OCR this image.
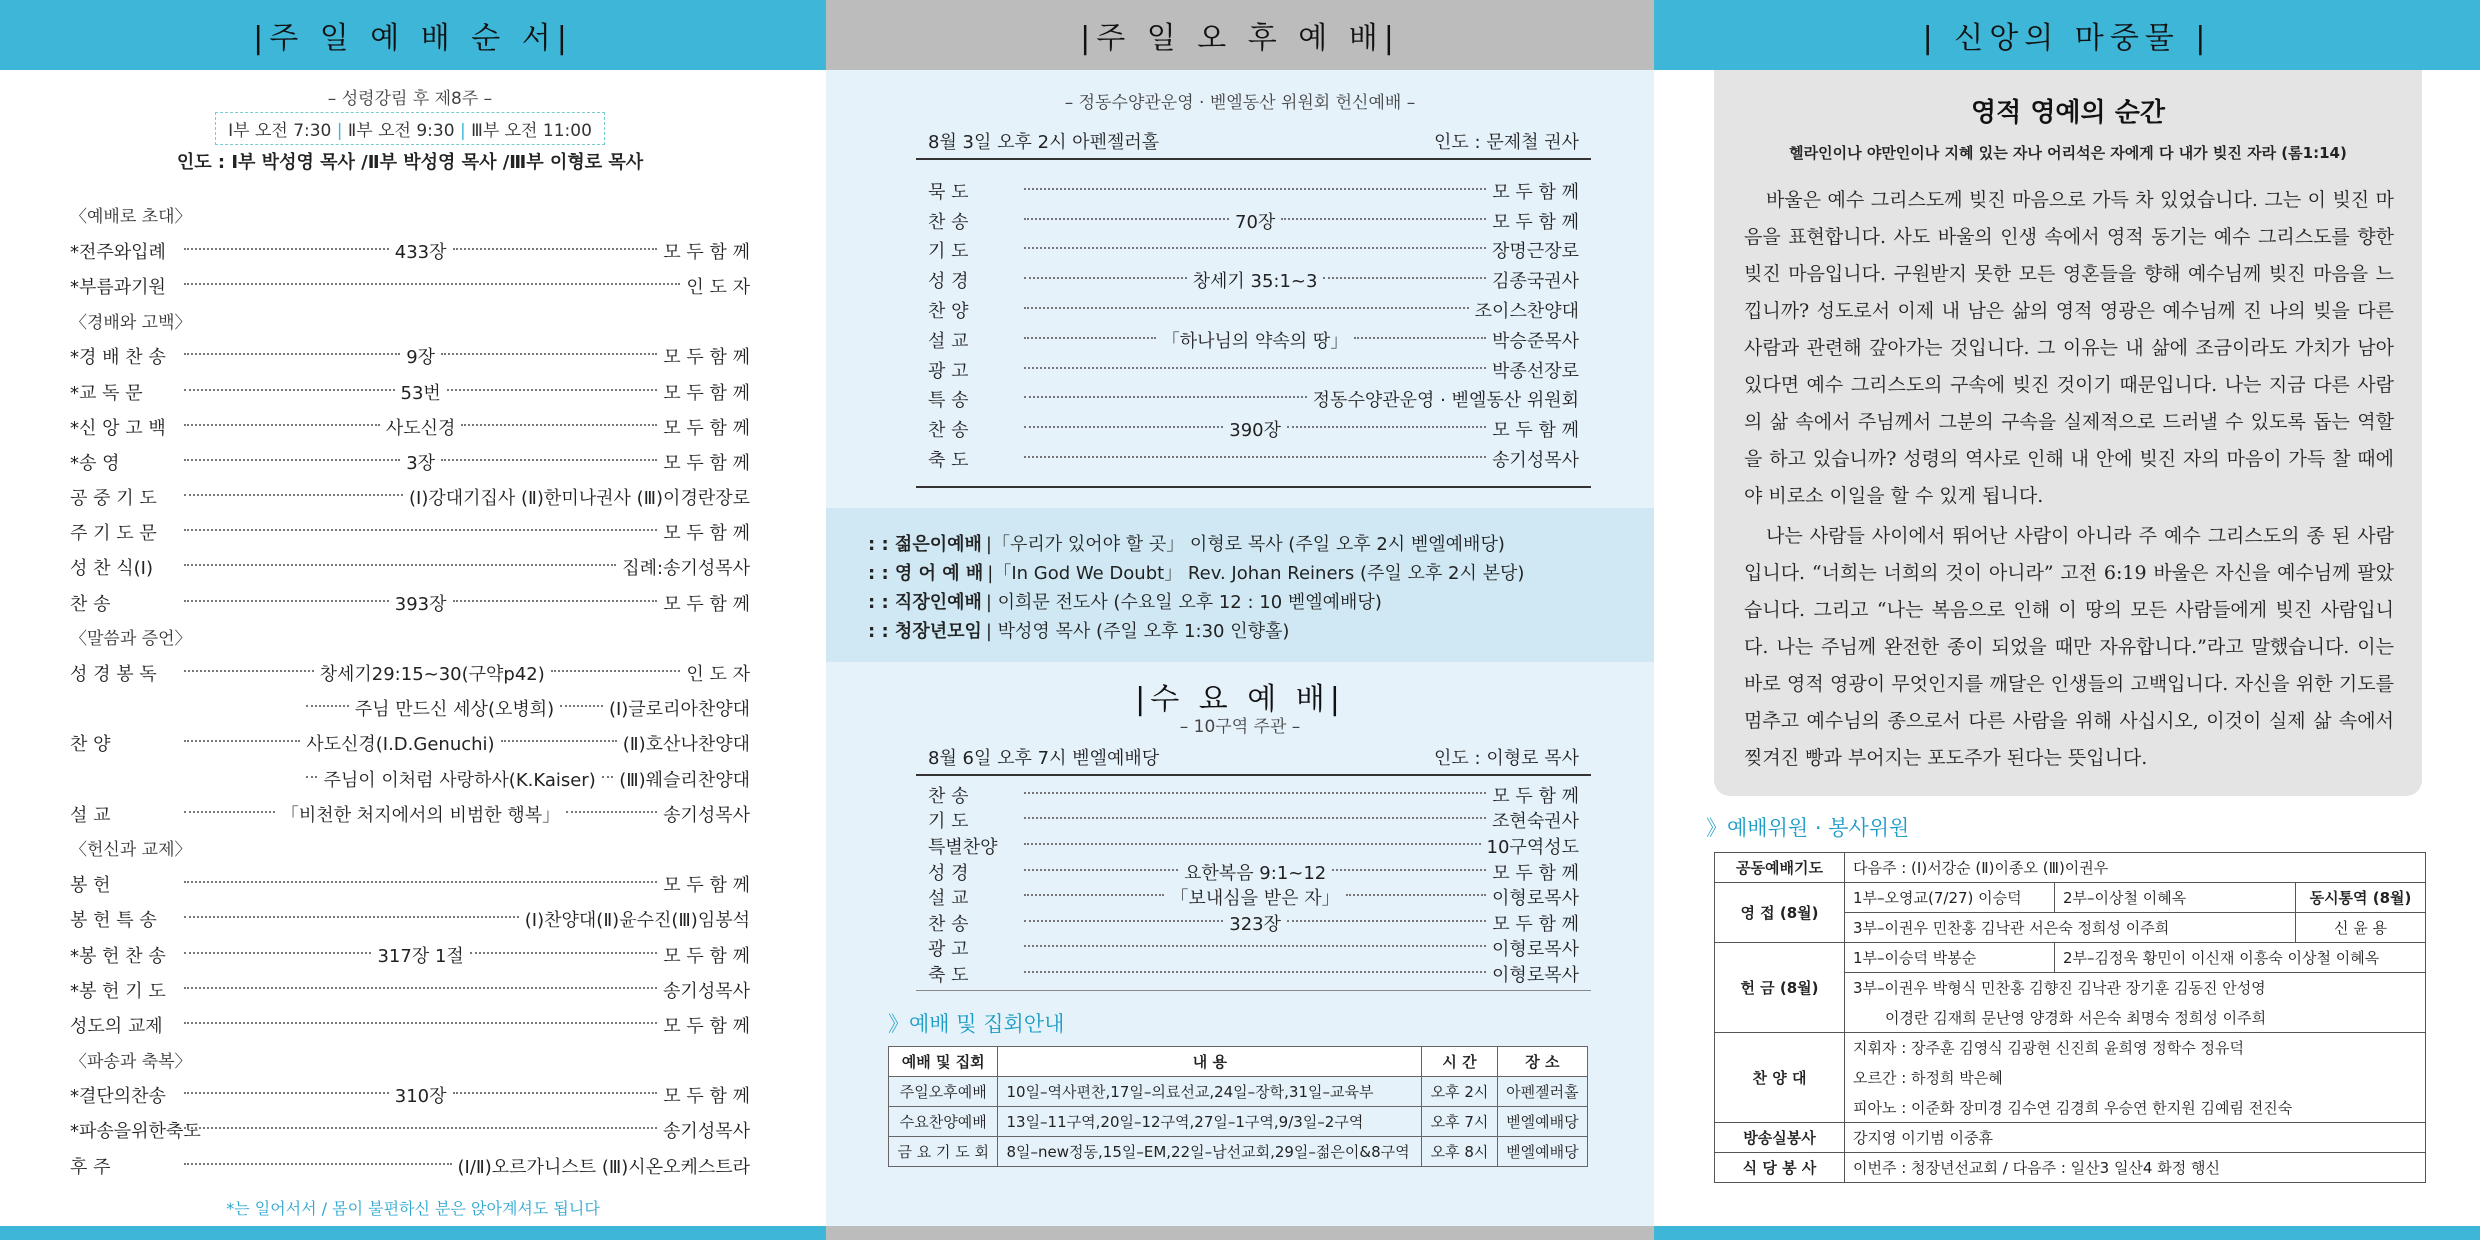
|주 일 예 배 순 서|
– 성령강림 후 제8주 –
Ⅰ부 오전 7:30 | Ⅱ부 오전 9:30 | Ⅲ부 오전 11:00
인도 : Ⅰ부 박성영 목사 /Ⅱ부 박성영 목사 /Ⅲ부 이형로 목사
〈예배로 초대〉
*전주와입례	433장	모 두 함 께
*부름과기원	인 도 자
〈경배와 고백〉
*경 배 찬 송	9장	모 두 함 께
*교 독 문	53번	모 두 함 께
*신 앙 고 백	사도신경	모 두 함 께
*송 영	3장	모 두 함 께
공 중 기 도	(Ⅰ)강대기집사 (Ⅱ)한미나권사 (Ⅲ)이경란장로
주 기 도 문	모 두 함 께
성 찬 식(Ⅰ)	집례:송기성목사
찬 송	393장	모 두 함 께
〈말씀과 증언〉
성 경 봉 독	창세기29:15~30(구약p42)	인 도 자
주님 만드신 세상(오병희)	(Ⅰ)글로리아찬양대
찬 양	사도신경(I.D.Genuchi)	(Ⅱ)호산나찬양대
주님이 이처럼 사랑하사(K.Kaiser) (Ⅲ)웨슬리찬양대
설 교	「비천한 처지에서의 비범한 행복」	송기성목사
〈헌신과 교제〉
봉 헌	모 두 함 께
봉 헌 특 송	(Ⅰ)찬양대(Ⅱ)윤수진(Ⅲ)임봉석
*봉 헌 찬 송	317장 1절	모 두 함 께
*봉 헌 기 도	송기성목사
성도의 교제	모 두 함 께
〈파송과 축복〉
*결단의찬송	310장	모 두 함 께
*파송을위한축도	송기성목사
후 주	(Ⅰ/Ⅱ)오르가니스트 (Ⅲ)시온오케스트라
*는 일어서서 / 몸이 불편하신 분은 앉아계셔도 됩니다
|주 일 오 후 예 배|
– 정동수양관운영 · 벧엘동산 위원회 헌신예배 –
8월 3일 오후 2시 아펜젤러홀	인도 : 문제철 권사
묵 도	모 두 함 께
찬 송	70장	모 두 함 께
기 도	장명근장로
성 경	창세기 35:1~3	김종국권사
찬 양	조이스찬양대
설 교	「하나님의 약속의 땅」	박승준목사
광 고	박종선장로
특 송	정동수양관운영 · 벧엘동산 위원회
찬 송	390장	모 두 함 께
축 도	송기성목사
: : 젊은이예배 |「우리가 있어야 할 곳」 이형로 목사 (주일 오후 2시 벧엘예배당)
: : 영 어 예 배 |「In God We Doubt」 Rev. Johan Reiners (주일 오후 2시 본당)
: : 직장인예배 | 이희문 전도사 (수요일 오후 12 : 10 벧엘예배당)
: : 청장년모임 | 박성영 목사 (주일 오후 1:30 인향홀)
|수 요 예 배|
– 10구역 주관 –
8월 6일 오후 7시 벧엘예배당	인도 : 이형로 목사
찬 송	모 두 함 께
기 도	조현숙권사
특별찬양	10구역성도
성 경	요한복음 9:1~12	모 두 함 께
설 교	「보내심을 받은 자」	이형로목사
찬 송	323장	모 두 함 께
광 고	이형로목사
축 도	이형로목사
》예배 및 집회안내
예배 및 집회	내 용	시 간	장 소
주일오후예배	10일–역사편찬,17일–의료선교,24일–장학,31일–교육부	오후 2시	아펜젤러홀
수요찬양예배	13일–11구역,20일–12구역,27일–1구역,9/3일–2구역	오후 7시	벧엘예배당
금 요 기 도 회	8일–new정동,15일–EM,22일–남선교회,29일–젊은이&8구역	오후 8시	벧엘예배당
| 신앙의 마중물 |
영적 영예의 순간
헬라인이나 야만인이나 지혜 있는 자나 어리석은 자에게 다 내가 빚진 자라 (롬1:14)
바울은 예수 그리스도께 빚진 마음으로 가득 차 있었습니다. 그는 이 빚진 마음을 표현합니다. 사도 바울의 인생 속에서 영적 동기는 예수 그리스도를 향한 빚진 마음입니다. 구원받지 못한 모든 영혼들을 향해 예수님께 빚진 마음을 느낍니까? 성도로서 이제 내 남은 삶의 영적 영광은 예수님께 진 나의 빚을 다른 사람과 관련해 갚아가는 것입니다. 그 이유는 내 삶에 조금이라도 가치가 남아있다면 예수 그리스도의 구속에 빚진 것이기 때문입니다. 나는 지금 다른 사람의 삶 속에서 주님께서 그분의 구속을 실제적으로 드러낼 수 있도록 돕는 역할을 하고 있습니까? 성령의 역사로 인해 내 안에 빚진 자의 마음이 가득 찰 때에야 비로소 이일을 할 수 있게 됩니다.
나는 사람들 사이에서 뛰어난 사람이 아니라 주 예수 그리스도의 종 된 사람입니다. “너희는 너희의 것이 아니라” 고전 6:19 바울은 자신을 예수님께 팔았습니다. 그리고 “나는 복음으로 인해 이 땅의 모든 사람들에게 빚진 사람입니다. 나는 주님께 완전한 종이 되었을 때만 자유합니다.”라고 말했습니다. 이는 바로 영적 영광이 무엇인지를 깨달은 인생들의 고백입니다. 자신을 위한 기도를 멈추고 예수님의 종으로서 다른 사람을 위해 사십시오, 이것이 실제 삶 속에서 찢겨진 빵과 부어지는 포도주가 된다는 뜻입니다.
》예배위원 · 봉사위원
공동예배기도	다음주 : (Ⅰ)서강순 (Ⅱ)이종오 (Ⅲ)이권우		
영 접 (8월)	1부–오영교(7/27) 이승덕	2부–이상철 이혜옥	동시통역 (8월)
	3부–이권우 민찬홍 김낙관 서은숙 정희성 이주희		신 윤 용
헌 금 (8월)	1부–이승덕 박봉순	2부–김정욱 황민이 이신재 이흥숙 이상철 이혜옥	
	3부–이권우 박형식 민찬홍 김향진 김낙관 장기훈 김동진 안성영		
	이경란 김재희 문난영 양경화 서은숙 최명숙 정희성 이주희		
찬 양 대	지휘자 : 장주훈 김영식 김광현 신진희 윤희영 정학수 정유덕		
	오르간 : 하정희 박은혜		
	피아노 : 이준화 장미경 김수연 김경희 우승연 한지원 김예림 전진숙		
방송실봉사	강지영 이기범 이중휴		
식 당 봉 사	이번주 : 청장년선교회 / 다음주 : 일산3 일산4 화정 행신		
